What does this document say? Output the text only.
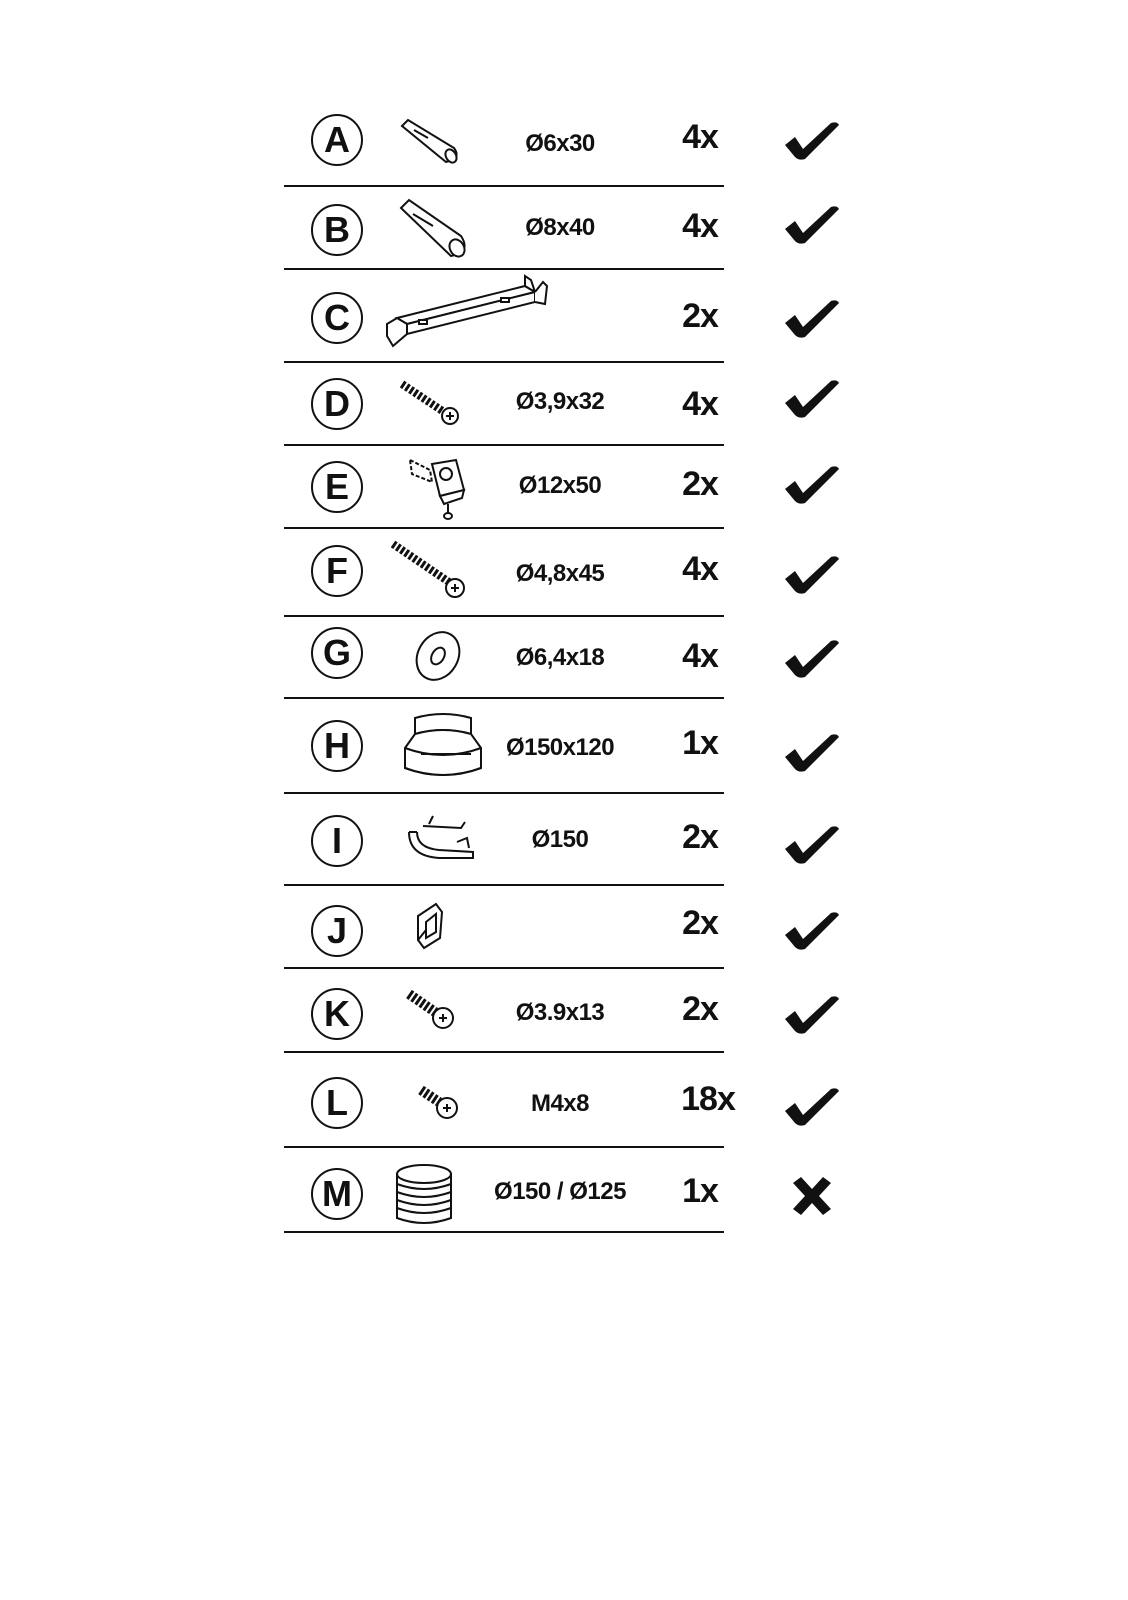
A	Ø6x30	4x
B	Ø8x40	4x
C	2x
D	Ø3,9x32	4x
E	Ø12x50	2x
F	Ø4,8x45	4x
G	Ø6,4x18	4x
H	Ø150x120	1x
I	Ø150	2x
J	2x
K	Ø3.9x13	2x
L	M4x8	18x
M	Ø150 / Ø125	1x
